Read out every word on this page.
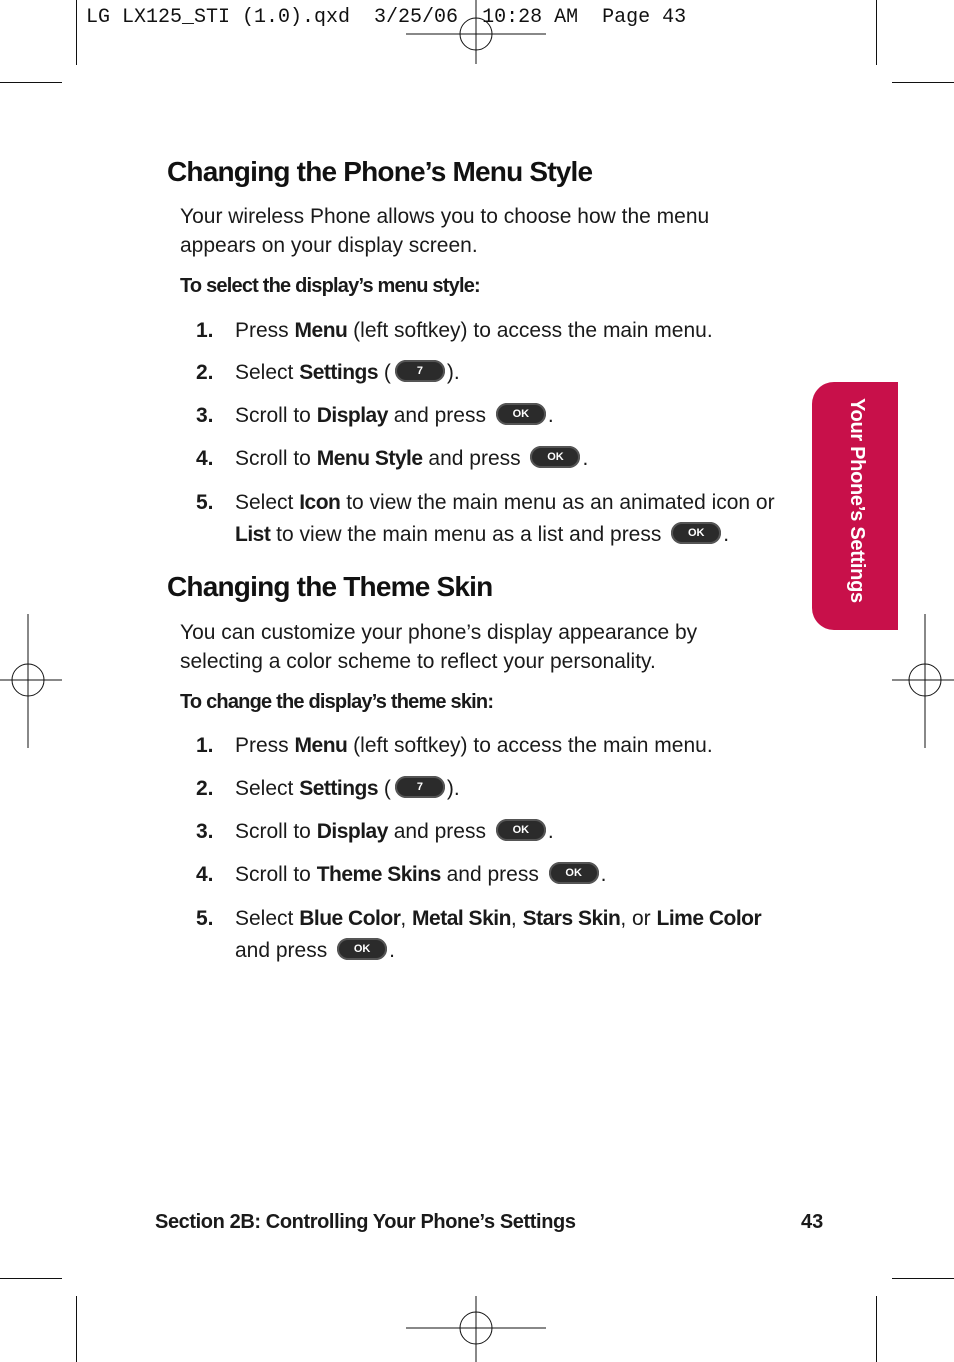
LG LX125_STI (1.0).qxd  3/25/06  10:28 AM  Page 43
Changing the Phone’s Menu Style

Your wireless Phone allows you to choose how the menu appears on your display screen.

To select the display’s menu style:

1. Press Menu (left softkey) to access the main menu.
2. Select Settings ( 7 ).
3. Scroll to Display and press OK .
4. Scroll to Menu Style and press OK .
5. Select Icon to view the main menu as an animated icon or List to view the main menu as a list and press OK .
Changing the Theme Skin

You can customize your phone’s display appearance by selecting a color scheme to reflect your personality.

To change the display’s theme skin:

1. Press Menu (left softkey) to access the main menu.
2. Select Settings ( 7 ).
3. Scroll to Display and press OK .
4. Scroll to Theme Skins and press OK .
5. Select Blue Color, Metal Skin, Stars Skin, or Lime Color and press OK .
Your Phone’s Settings
Section 2B: Controlling Your Phone’s Settings	43
